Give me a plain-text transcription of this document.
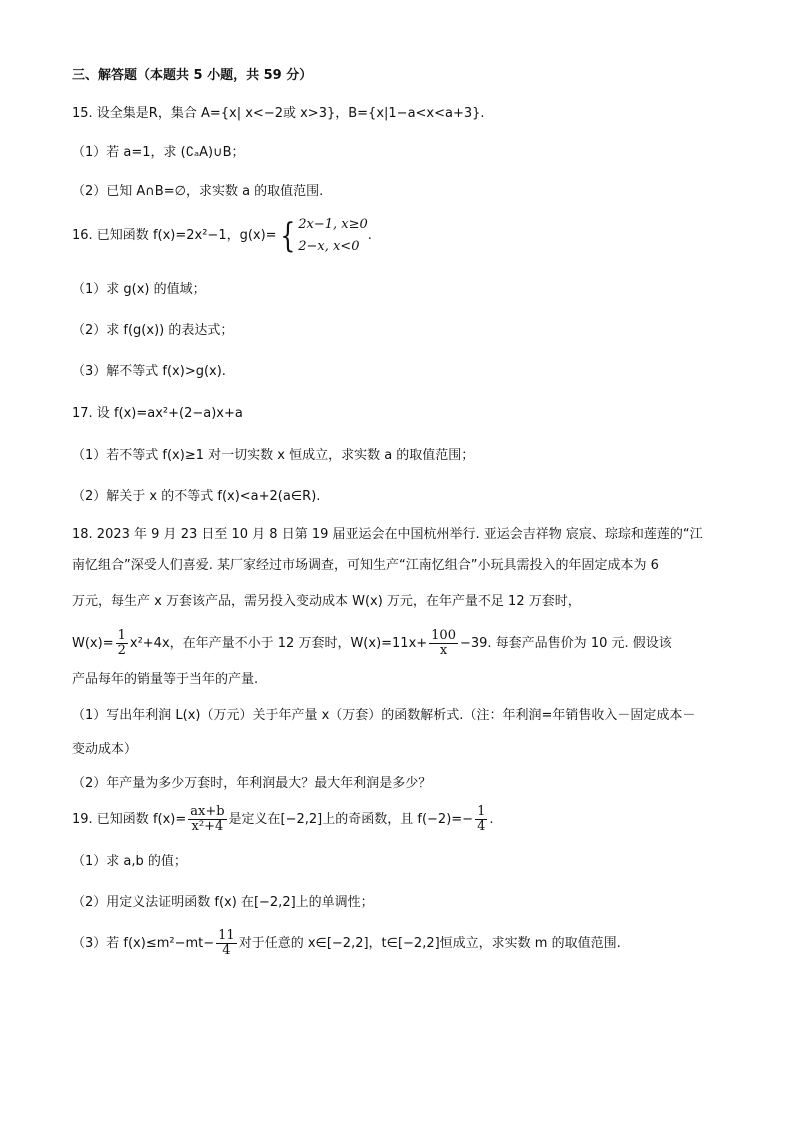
三、解答题（本题共 5 小题，共 59 分）
15. 设全集是R，集合 A={x| x<−2或 x>3}，B={x|1−a<x<a+3}.
（1）若 a=1，求 (∁ₐA)∪B；
（2）已知 A∩B=∅，求实数 a 的取值范围.
16. 已知函数 f(x)=2x²−1，g(x)={ 2x−1, x≥0
2−x, x<0
.
（1）求 g(x) 的值域；
（2）求 f(g(x)) 的表达式；
（3）解不等式 f(x)>g(x).
17. 设 f(x)=ax²+(2−a)x+a
（1）若不等式 f(x)≥1 对一切实数 x 恒成立，求实数 a 的取值范围；
（2）解关于 x 的不等式 f(x)<a+2(a∈R).
18. 2023 年 9 月 23 日至 10 月 8 日第 19 届亚运会在中国杭州举行. 亚运会吉祥物 宸宸、琮琮和莲莲的“江
南忆组合”深受人们喜爱. 某厂家经过市场调查，可知生产“江南忆组合”小玩具需投入的年固定成本为 6
万元，每生产 x 万套该产品，需另投入变动成本 W(x) 万元，在年产量不足 12 万套时，
$W(x)= \frac{1}{2} x^2+4x$，在年产量不小于 12 万套时，$W(x)=11x+ \frac{100}{x} -39$. 每套产品售价为 10 元. 假设该
产品每年的销量等于当年的产量.
（1）写出年利润 L(x)（万元）关于年产量 x（万套）的函数解析式.（注：年利润=年销售收入－固定成本－
变动成本）
（2）年产量为多少万套时，年利润最大？最大年利润是多少？
19. 已知函数 $f(x)= \frac{ax+b}{\text{x²+4}}$ 是定义在[−2,2]上的奇函数，且 $f(-2)=- \frac{1}{4}$ .
（1）求 a,b 的值；
（2）用定义法证明函数 f(x) 在[−2,2]上的单调性；
（3）若 $f(x)\le m^2-mt- \frac{11}{4}$ 对于任意的 x∈[−2,2]，t∈[−2,2]恒成立，求实数 m 的取值范围.
